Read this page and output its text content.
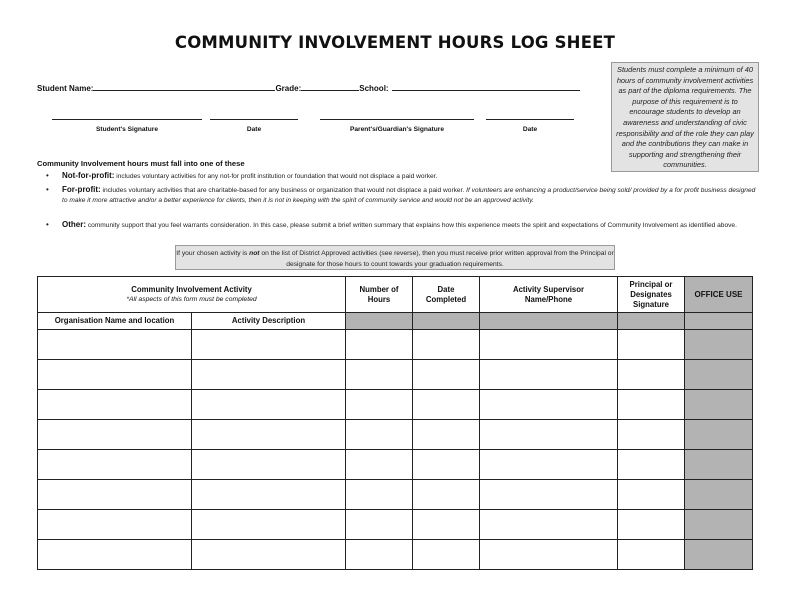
COMMUNITY INVOLVEMENT HOURS LOG SHEET
Students must complete a minimum of 40 hours of community involvement activities as part of the diploma requirements. The purpose of this requirement is to encourage students to develop an awareness and understanding of civic responsibility and of the role they can play and the contributions they can make in supporting and strengthening their communities.
Student Name:	Grade:	School:
Student's Signature	Date	Parent's/Guardian's Signature	Date
Community Involvement hours must fall into one of these
• Not-for-profit: includes voluntary activities for any not-for profit institution or foundation that would not displace a paid worker.
• For-profit: includes voluntary activities that are charitable-based for any business or organization that would not displace a paid worker. If volunteers are enhancing a product/service being sold/ provided by a for profit business designed to make it more attractive and/or a better experience for clients, then it is not in keeping with the spirit of community service and would not be an approved activity.
• Other: community support that you feel warrants consideration. In this case, please submit a brief written summary that explains how this experience meets the spirit and expectations of Community Involvement as identified above.
If your chosen activity is not on the list of District Approved activities (see reverse), then you must receive prior written approval from the Principal or designate for those hours to count towards your graduation requirements.
Community Involvement Activity
*All aspects of this form must be completed		Number of Hours	Date Completed	Activity Supervisor Name/Phone	Principal or Designates Signature	OFFICE USE
Organisation Name and location	Activity Description					
